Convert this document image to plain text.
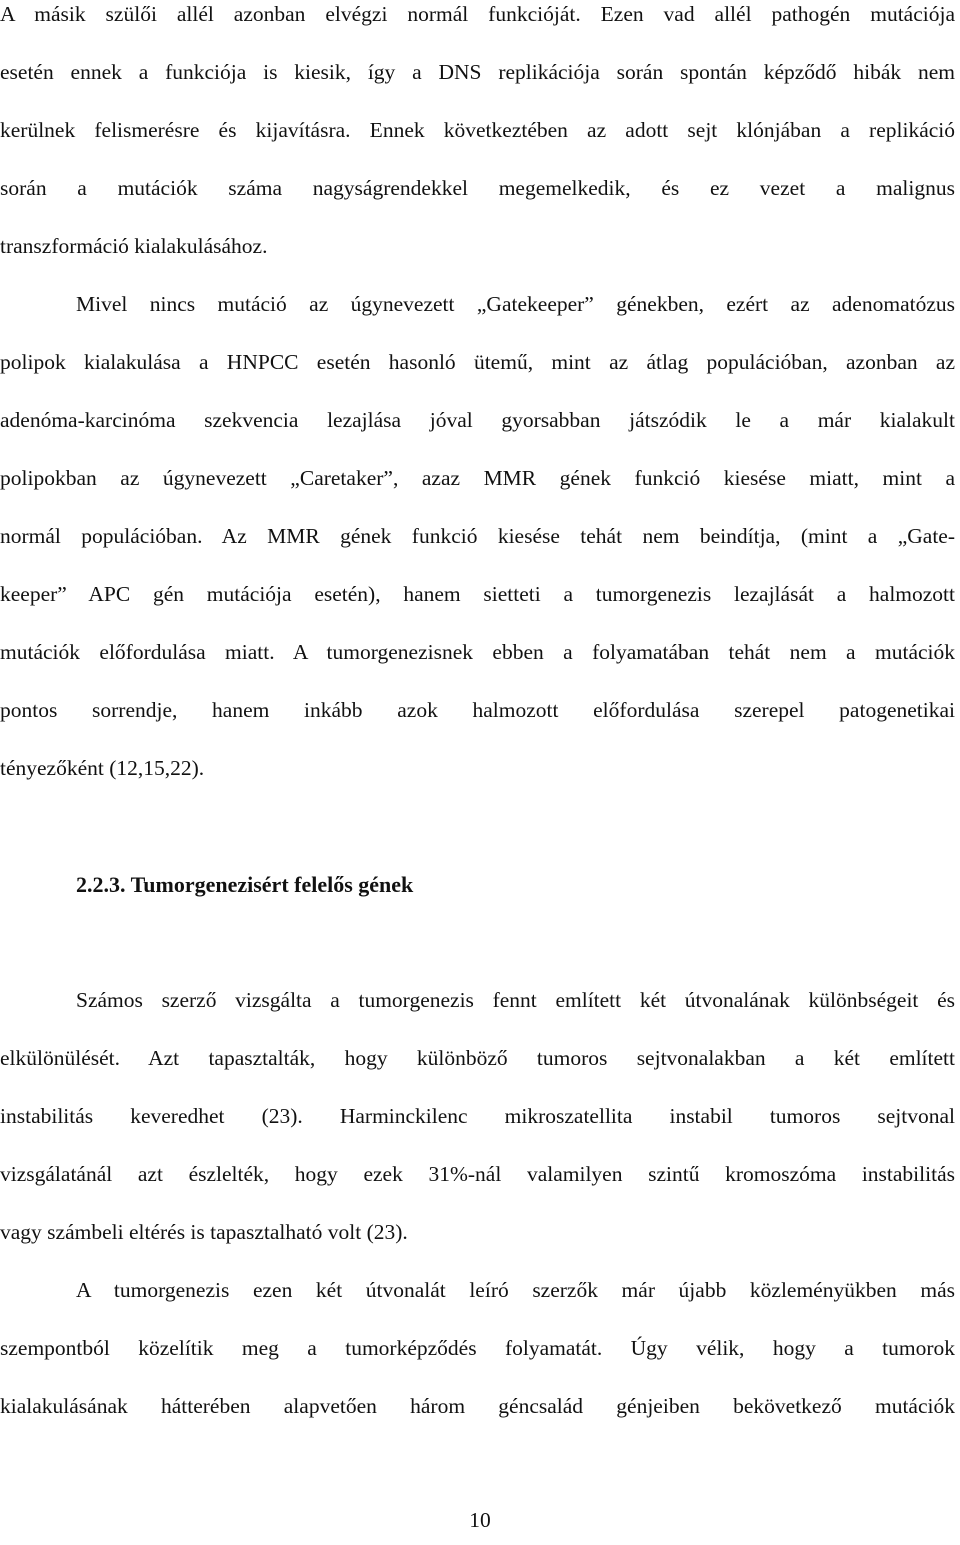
A másik szülői allél azonban elvégzi normál funkcióját. Ezen vad allél pathogén mutációja
esetén ennek a funkciója is kiesik, így a DNS replikációja során spontán képződő hibák nem
kerülnek felismerésre és kijavításra. Ennek következtében az adott sejt klónjában a replikáció
során a mutációk száma nagyságrendekkel megemelkedik, és ez vezet a malignus
transzformáció kialakulásához.
Mivel nincs mutáció az úgynevezett „Gatekeeper” génekben, ezért az adenomatózus
polipok kialakulása a HNPCC esetén hasonló ütemű, mint az átlag populációban, azonban az
adenóma-karcinóma szekvencia lezajlása jóval gyorsabban játszódik le a már kialakult
polipokban az úgynevezett „Caretaker”, azaz MMR gének funkció kiesése miatt, mint a
normál populációban. Az MMR gének funkció kiesése tehát nem beindítja, (mint a „Gate-
keeper” APC gén mutációja esetén), hanem sietteti a tumorgenezis lezajlását a halmozott
mutációk előfordulása miatt. A tumorgenezisnek ebben a folyamatában tehát nem a mutációk
pontos sorrendje, hanem inkább azok halmozott előfordulása szerepel patogenetikai
tényezőként (12,15,22).
2.2.3. Tumorgenezisért felelős gének
Számos szerző vizsgálta a tumorgenezis fennt említett két útvonalának különbségeit és
elkülönülését. Azt tapasztalták, hogy különböző tumoros sejtvonalakban a két említett
instabilitás keveredhet (23). Harminckilenc mikroszatellita instabil tumoros sejtvonal
vizsgálatánál azt észlelték, hogy ezek 31%-nál valamilyen szintű kromoszóma instabilitás
vagy számbeli eltérés is tapasztalható volt (23).
A tumorgenezis ezen két útvonalát leíró szerzők már újabb közleményükben más
szempontból közelítik meg a tumorképződés folyamatát. Úgy vélik, hogy a tumorok
kialakulásának hátterében alapvetően három géncsalád génjeiben bekövetkező mutációk
10
